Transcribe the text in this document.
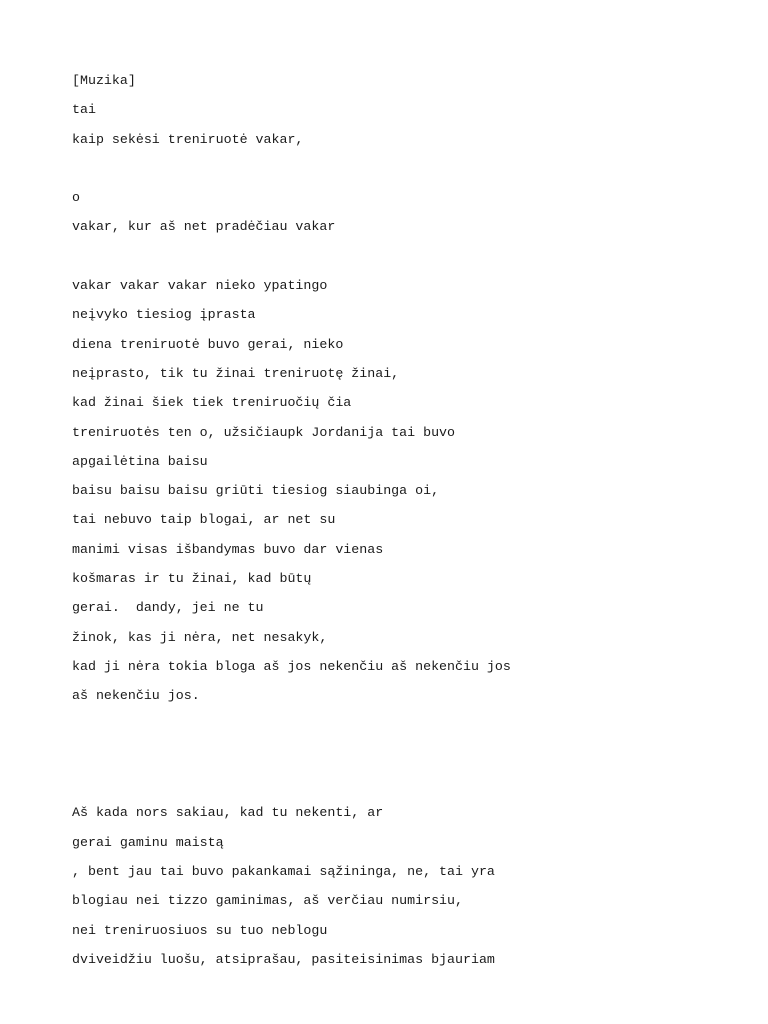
[Muzika]
tai
kaip sekėsi treniruotė vakar,
o
vakar, kur aš net pradėčiau vakar
vakar vakar vakar nieko ypatingo
neįvyko tiesiog įprasta
diena treniruotė buvo gerai, nieko
neįprasto, tik tu žinai treniruotę žinai,
kad žinai šiek tiek treniruočių čia
treniruotės ten o, užsičiaupk Jordanija tai buvo
apgailėtina baisu
baisu baisu baisu griūti tiesiog siaubinga oi,
tai nebuvo taip blogai, ar net su
manimi visas išbandymas buvo dar vienas
košmaras ir tu žinai, kad būtų
gerai.  dandy, jei ne tu
žinok, kas ji nėra, net nesakyk,
kad ji nėra tokia bloga aš jos nekenčiu aš nekenčiu jos
aš nekenčiu jos.
Aš kada nors sakiau, kad tu nekenti, ar
gerai gaminu maistą
, bent jau tai buvo pakankamai sąžininga, ne, tai yra
blogiau nei tizzo gaminimas, aš verčiau numirsiu,
nei treniruosiuos su tuo neblogu
dviveidžiu luošu, atsiprašau, pasiteisinimas bjauriam
